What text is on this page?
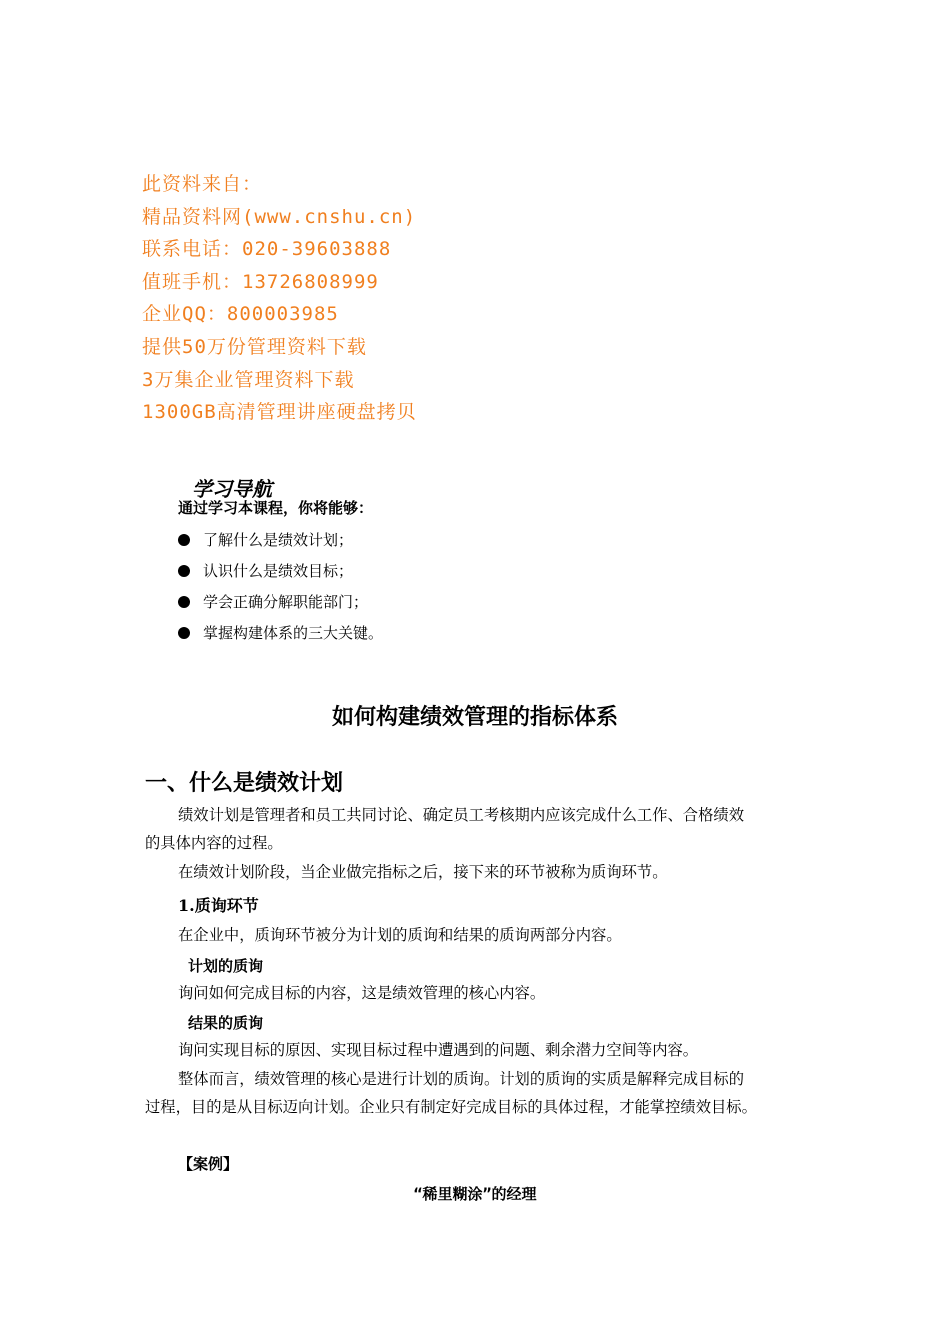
此资料来自：
精品资料网(www.cnshu.cn)
联系电话：020-39603888
值班手机：13726808999
企业QQ：800003985
提供50万份管理资料下载
3万集企业管理资料下载
1300GB高清管理讲座硬盘拷贝
学习导航
通过学习本课程，你将能够：
了解什么是绩效计划；
认识什么是绩效目标；
学会正确分解职能部门；
掌握构建体系的三大关键。
如何构建绩效管理的指标体系
一、什么是绩效计划
绩效计划是管理者和员工共同讨论、确定员工考核期内应该完成什么工作、合格绩效
的具体内容的过程。
在绩效计划阶段，当企业做完指标之后，接下来的环节被称为质询环节。
1.质询环节
在企业中，质询环节被分为计划的质询和结果的质询两部分内容。
计划的质询
询问如何完成目标的内容，这是绩效管理的核心内容。
结果的质询
询问实现目标的原因、实现目标过程中遭遇到的问题、剩余潜力空间等内容。
整体而言，绩效管理的核心是进行计划的质询。计划的质询的实质是解释完成目标的
过程，目的是从目标迈向计划。企业只有制定好完成目标的具体过程，才能掌控绩效目标。
【案例】
“稀里糊涂”的经理
